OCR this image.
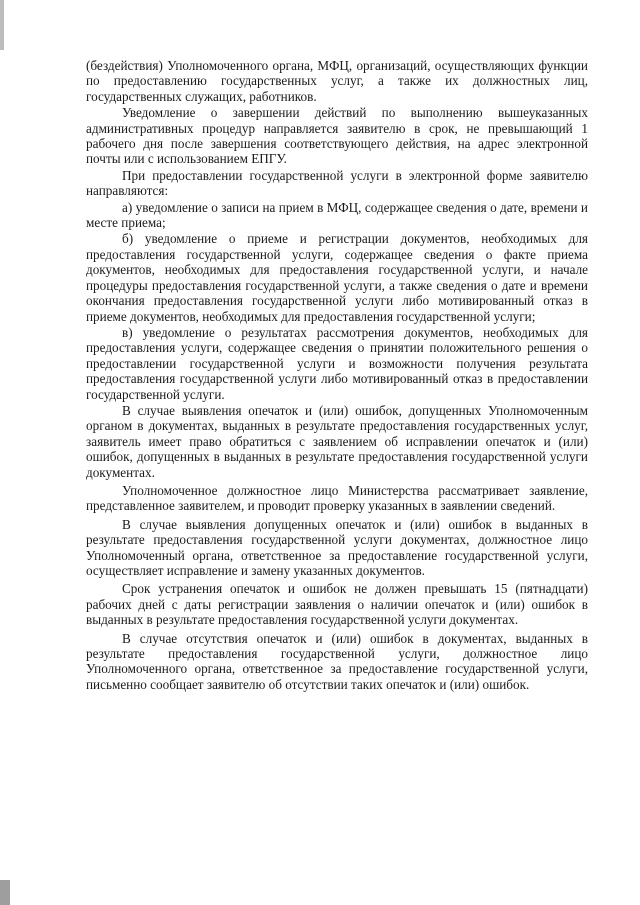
(бездействия) Уполномоченного органа, МФЦ, организаций, осуществляющих функции по предоставлению государственных услуг, а также их должностных лиц, государственных служащих, работников.

Уведомление о завершении действий по выполнению вышеуказанных административных процедур направляется заявителю в срок, не превышающий 1 рабочего дня после завершения соответствующего действия, на адрес электронной почты или с использованием ЕПГУ.

При предоставлении государственной услуги в электронной форме заявителю направляются:

а) уведомление о записи на прием в МФЦ, содержащее сведения о дате, времени и месте приема;

б) уведомление о приеме и регистрации документов, необходимых для предоставления государственной услуги, содержащее сведения о факте приема документов, необходимых для предоставления государственной услуги, и начале процедуры предоставления государственной услуги, а также сведения о дате и времени окончания предоставления государственной услуги либо мотивированный отказ в приеме документов, необходимых для предоставления государственной услуги;

в) уведомление о результатах рассмотрения документов, необходимых для предоставления услуги, содержащее сведения о принятии положительного решения о предоставлении государственной услуги и возможности получения результата предоставления государственной услуги либо мотивированный отказ в предоставлении государственной услуги.

В случае выявления опечаток и (или) ошибок, допущенных Уполномоченным органом в документах, выданных в результате предоставления государственных услуг, заявитель имеет право обратиться с заявлением об исправлении опечаток и (или) ошибок, допущенных в выданных в результате предоставления государственной услуги документах.

Уполномоченное должностное лицо Министерства рассматривает заявление, представленное заявителем, и проводит проверку указанных в заявлении сведений.

В случае выявления допущенных опечаток и (или) ошибок в выданных в результате предоставления государственной услуги документах, должностное лицо Уполномоченный органа, ответственное за предоставление государственной услуги, осуществляет исправление и замену указанных документов.

Срок устранения опечаток и ошибок не должен превышать 15 (пятнадцати) рабочих дней с даты регистрации заявления о наличии опечаток и (или) ошибок в выданных в результате предоставления государственной услуги документах.

В случае отсутствия опечаток и (или) ошибок в документах, выданных в результате предоставления государственной услуги, должностное лицо Уполномоченного органа, ответственное за предоставление государственной услуги, письменно сообщает заявителю об отсутствии таких опечаток и (или) ошибок.
